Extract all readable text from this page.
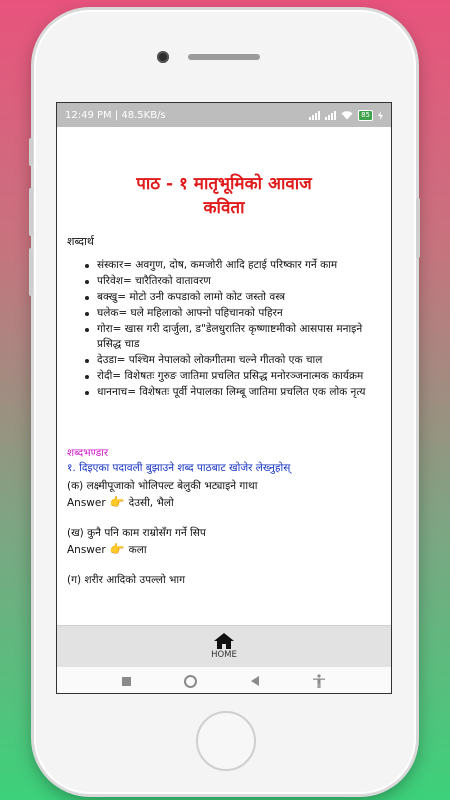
12:49 PM | 48.5KB/s	85
पाठ - १ मातृभूमिको आवाज
कविता
शब्दार्थ
संस्कार= अवगुण, दोष, कमजोरी आदि हटाई परिष्कार गर्ने काम
परिवेश= चारैतिरको वातावरण
बक्खु= मोटो उनी कपडाको लामो कोट जस्तो वस्त्र
घलेक= घले महिलाको आफ्नो पहिचानको पहिरन
गोरा= खास गरी दार्जुला, ड"डेलधुरातिर कृष्णाष्टमीको आसपास मनाइने प्रसिद्ध चाड
देउडा= पश्चिम नेपालको लोकगीतमा चल्ने गीतको एक चाल
रोदी= विशेषतः गुरुङ जातिमा प्रचलित प्रसिद्ध मनोरञ्जनात्मक कार्यक्रम
धाननाच= विशेषतः पूर्वी नेपालका लिम्बू जातिमा प्रचलित एक लोक नृत्य
शब्दभण्डार
१. दिइएका पदावली बुझाउने शब्द पाठबाट खोजेर लेख्नुहोस्
(क) लक्ष्मीपूजाको भोलिपल्ट बेलुकी भट्याइने गाथा
Answer 👉 देउसी, भैलो
(ख) कुनै पनि काम राम्रोसँग गर्ने सिप
Answer 👉 कला
(ग) शरीर आदिको उपल्लो भाग
HOME
